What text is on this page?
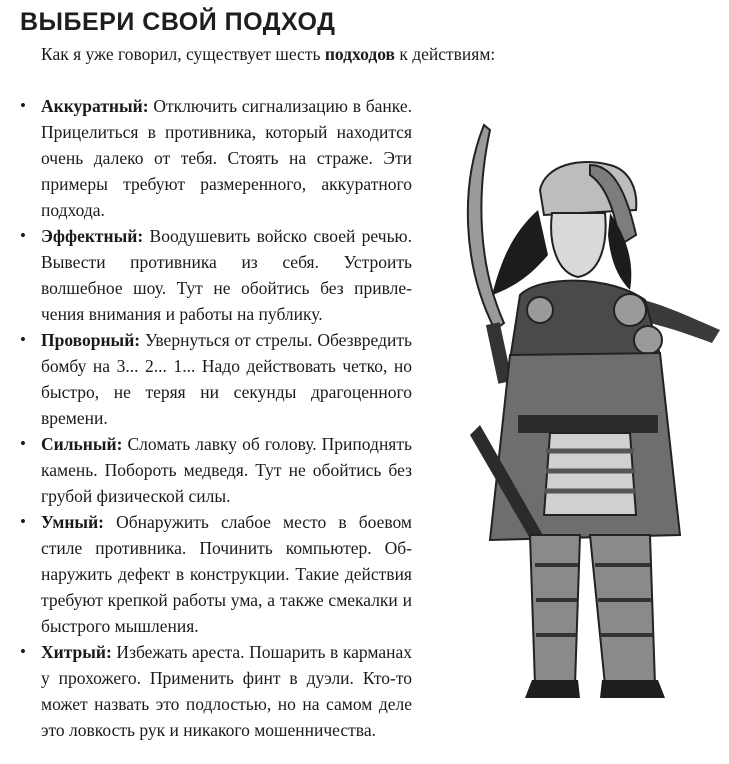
ВЫБЕРИ СВОЙ ПОДХОД
Как я уже говорил, существует шесть подходов к действиям:
• Аккуратный: Отключить сигнализацию в банке. Прицелиться в противника, который находится очень далеко от тебя. Стоять на страже. Эти примеры требуют размеренного, аккуратного подхода.
• Эффектный: Воодушевить войско своей речью. Вывести противника из себя. Устроить волшебное шоу. Тут не обойтись без привлечения внимания и работы на публику.
• Проворный: Увернуться от стрелы. Обезвредить бомбу на 3... 2... 1... Надо действовать четко, но быстро, не теряя ни секунды драгоценного времени.
• Сильный: Сломать лавку об голову. Приподнять камень. Побороть медведя. Тут не обойтись без грубой физической силы.
• Умный: Обнаружить слабое место в боевом стиле противника. Починить компьютер. Обнаружить дефект в конструкции. Такие действия требуют крепкой работы ума, а также смекалки и быстрого мышления.
• Хитрый: Избежать ареста. Пошарить в карманах у прохожего. Применить финт в дуэли. Кто-то может назвать это подлостью, но на самом деле это ловкость рук и никакого мошенничества.
